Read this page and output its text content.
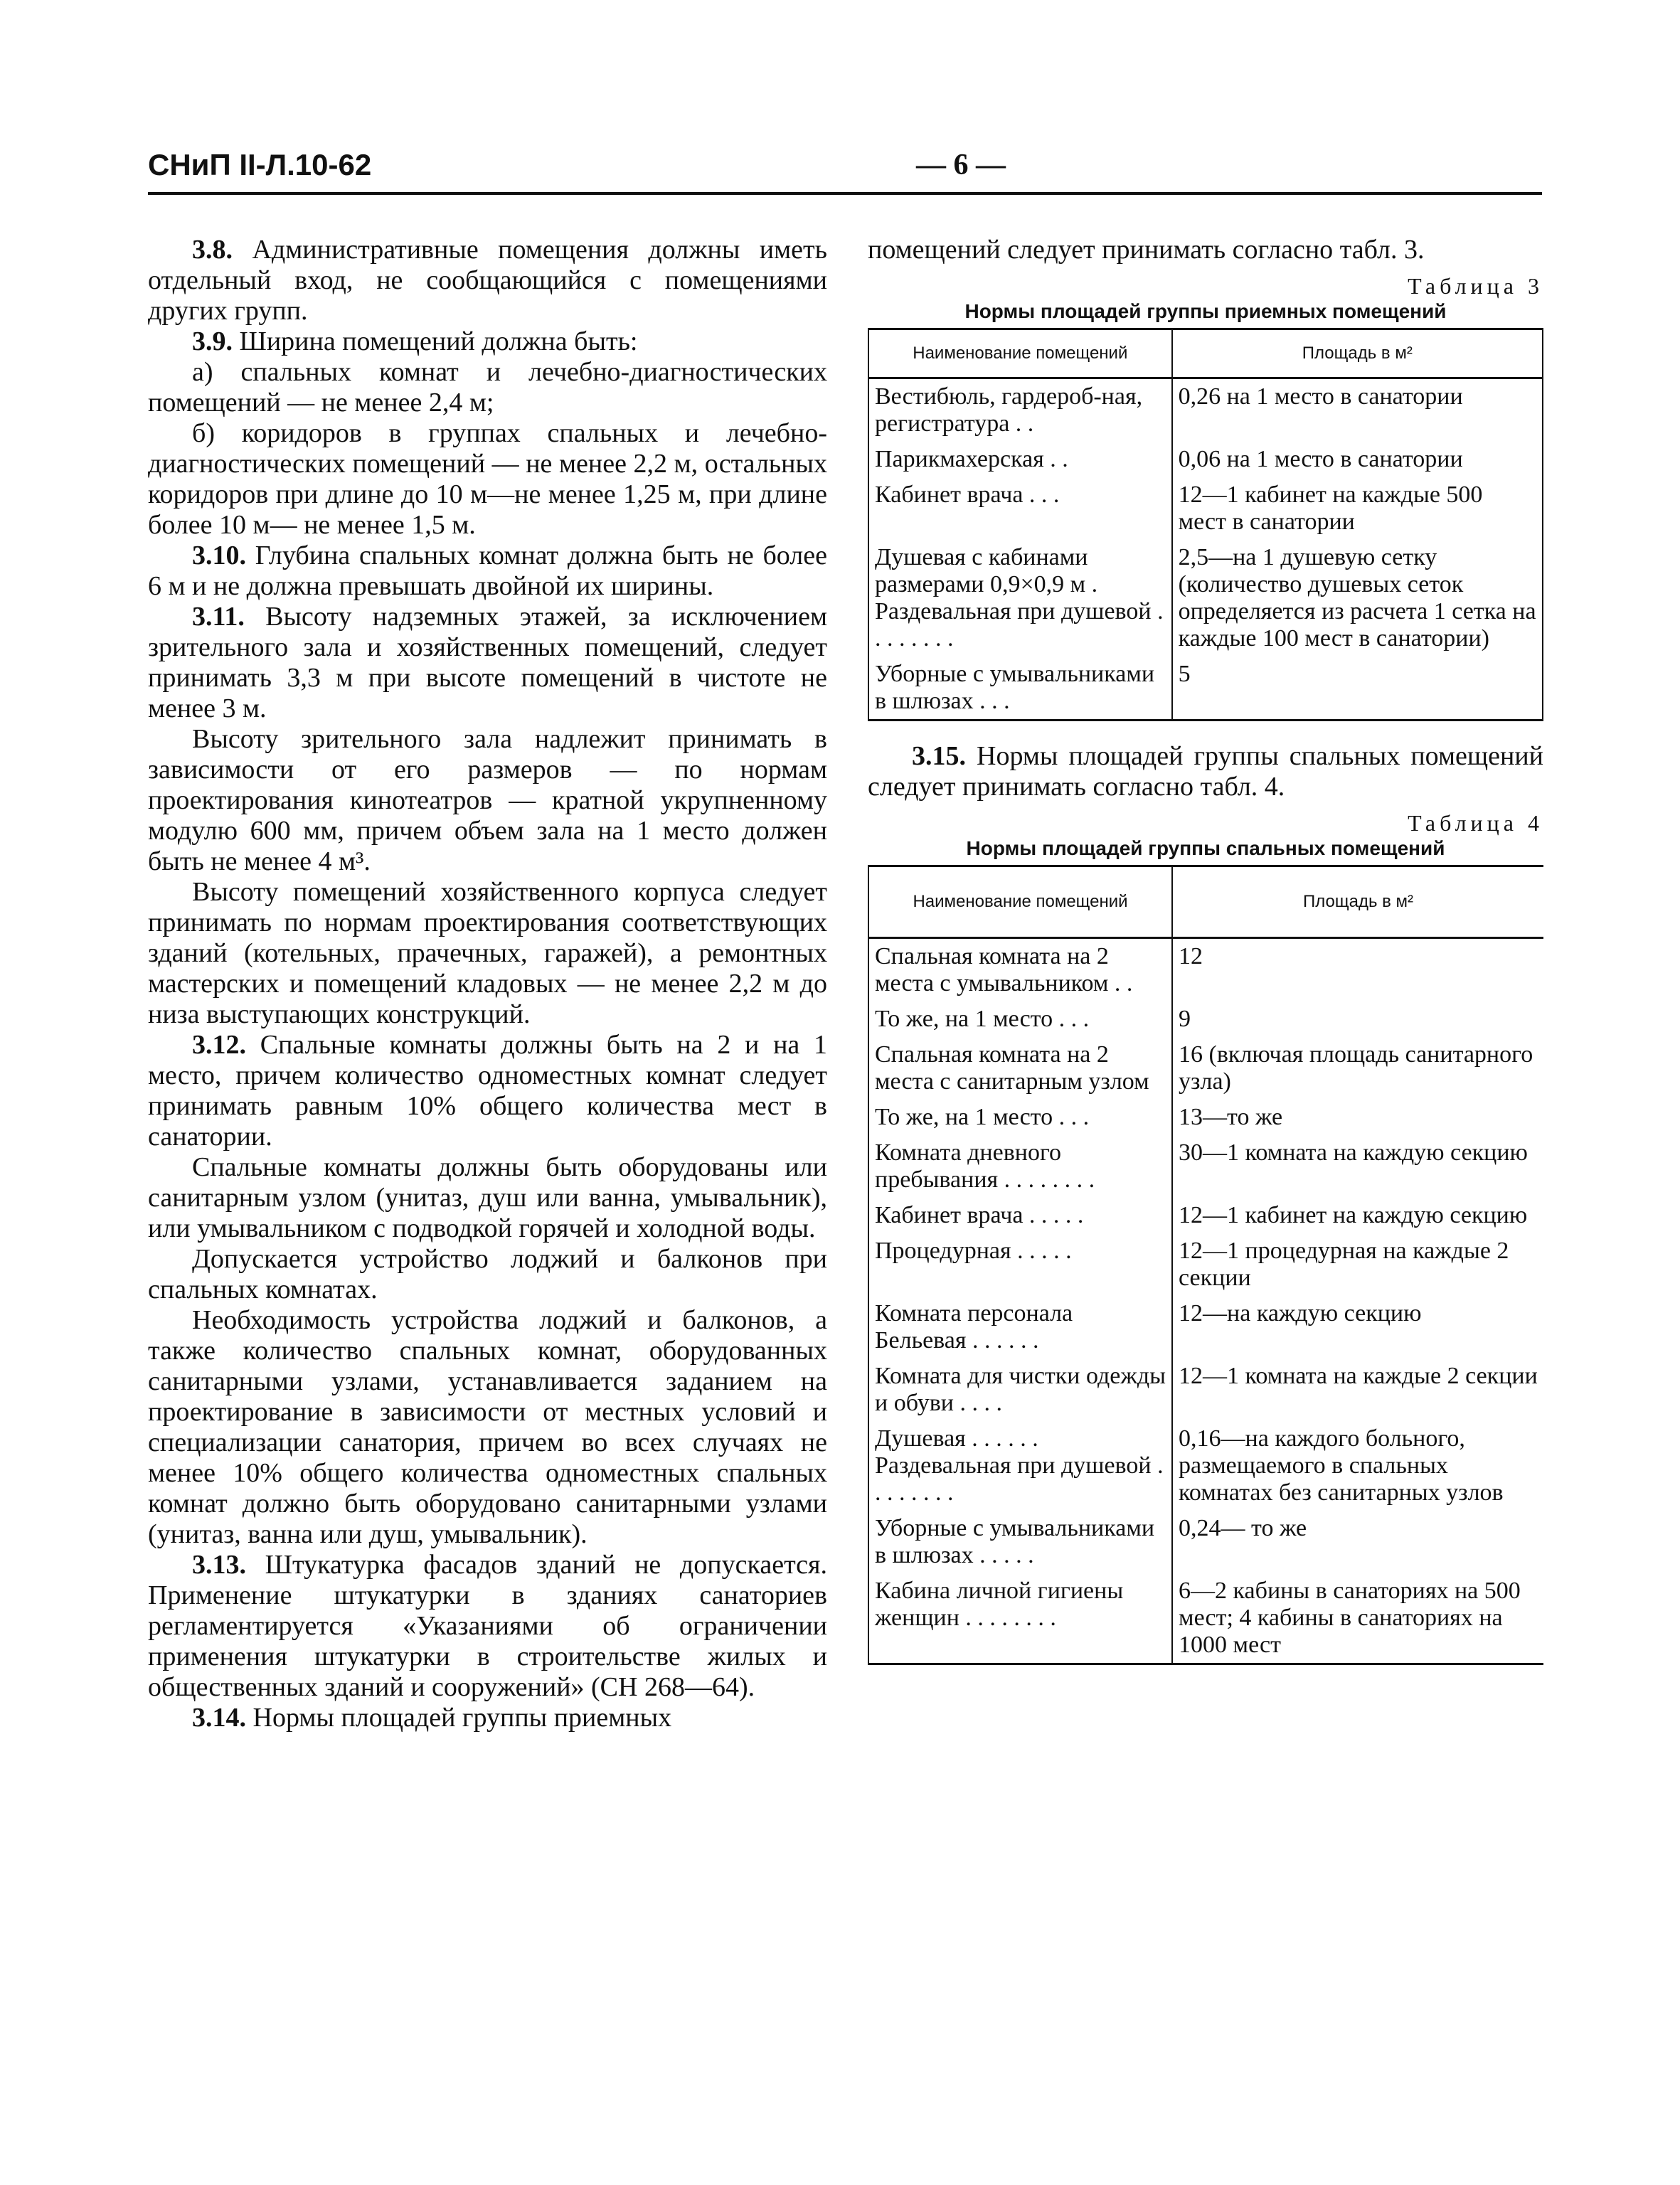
СНиП II-Л.10-62	— 6 —

3.8. Административные помещения должны иметь отдельный вход, не сообщающийся с помещениями других групп.

3.9. Ширина помещений должна быть:

а) спальных комнат и лечебно-диагностических помещений — не менее 2,4 м;

б) коридоров в группах спальных и лечебно-диагностических помещений — не менее 2,2 м, остальных коридоров при длине до 10 м—не менее 1,25 м, при длине более 10 м— не менее 1,5 м.

3.10. Глубина спальных комнат должна быть не более 6 м и не должна превышать двойной их ширины.

3.11. Высоту надземных этажей, за исключением зрительного зала и хозяйственных помещений, следует принимать 3,3 м при высоте помещений в чистоте не менее 3 м.

Высоту зрительного зала надлежит принимать в зависимости от его размеров — по нормам проектирования кинотеатров — кратной укрупненному модулю 600 мм, причем объем зала на 1 место должен быть не менее 4 м³.

Высоту помещений хозяйственного корпуса следует принимать по нормам проектирования соответствующих зданий (котельных, прачечных, гаражей), а ремонтных мастерских и помещений кладовых — не менее 2,2 м до низа выступающих конструкций.

3.12. Спальные комнаты должны быть на 2 и на 1 место, причем количество одноместных комнат следует принимать равным 10% общего количества мест в санатории.

Спальные комнаты должны быть оборудованы или санитарным узлом (унитаз, душ или ванна, умывальник), или умывальником с подводкой горячей и холодной воды.

Допускается устройство лоджий и балконов при спальных комнатах.

Необходимость устройства лоджий и балконов, а также количество спальных комнат, оборудованных санитарными узлами, устанавливается заданием на проектирование в зависимости от местных условий и специализации санатория, причем во всех случаях не менее 10% общего количества одноместных спальных комнат должно быть оборудовано санитарными узлами (унитаз, ванна или душ, умывальник).

3.13. Штукатурка фасадов зданий не допускается. Применение штукатурки в зданиях санаториев регламентируется «Указаниями об ограничении применения штукатурки в строительстве жилых и общественных зданий и сооружений» (СН 268—64).

3.14. Нормы площадей группы приемных

помещений следует принимать согласно табл. 3.

Таблица 3
Нормы площадей группы приемных помещений
Наименование помещений	Площадь в м²
Вестибюль, гардероб-ная, регистратура . .	0,26 на 1 место в санатории
Парикмахерская . .	0,06 на 1 место в санатории
Кабинет врача . . .	12—1 кабинет на каждые 500 мест в санатории
Душевая с кабинами размерами 0,9×0,9 м . Раздевальная при душевой . . . . . . . .	2,5—на 1 душевую сетку (количество душевых сеток определяется из расчета 1 сетка на каждые 100 мест в санатории)
Уборные с умывальниками в шлюзах . . .	5

3.15. Нормы площадей группы спальных помещений следует принимать согласно табл. 4.

Таблица 4
Нормы площадей группы спальных помещений
Наименование помещений	Площадь в м²
Спальная комната на 2 места с умывальником . .	12
То же, на 1 место . . .	9
Спальная комната на 2 места с санитарным узлом	16 (включая площадь санитарного узла)
То же, на 1 место . . .	13—то же
Комната дневного пребывания . . . . . . . .	30—1 комната на каждую секцию
Кабинет врача . . . . .	12—1 кабинет на каждую секцию
Процедурная . . . . .	12—1 процедурная на каждые 2 секции
Комната персонала Бельевая . . . . . .	12—на каждую секцию
Комната для чистки одежды и обуви . . . .	12—1 комната на каждые 2 секции
Душевая . . . . . . Раздевальная при душевой . . . . . . . .	0,16—на каждого больного, размещаемого в спальных комнатах без санитарных узлов
Уборные с умывальниками в шлюзах . . . . .	0,24— то же
Кабина личной гигиены женщин . . . . . . . .	6—2 кабины в санаториях на 500 мест; 4 кабины в санаториях на 1000 мест
